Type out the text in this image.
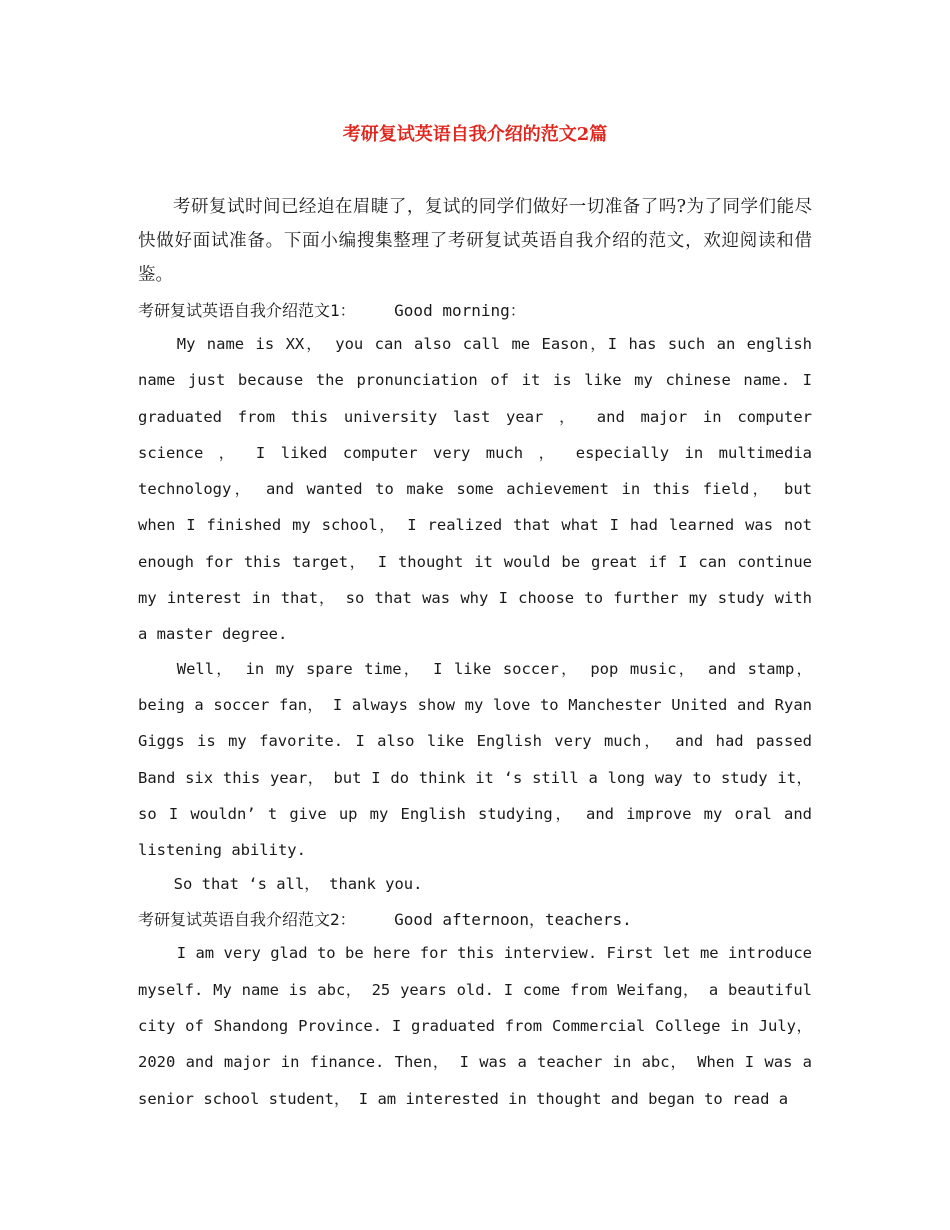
考研复试英语自我介绍的范文2篇

考研复试时间已经迫在眉睫了，复试的同学们做好一切准备了吗?为了同学们能尽快做好面试准备。下面小编搜集整理了考研复试英语自我介绍的范文，欢迎阅读和借鉴。

考研复试英语自我介绍范文1：    Good morning：

My name is XX， you can also call me Eason，I has such an english name just because the pronunciation of it is like my chinese name. I graduated from this university last year ， and major in computer science ， I liked computer very much ， especially in multimedia technology， and wanted to make some achievement in this field， but when I finished my school， I realized that what I had learned was not enough for this target， I thought it would be great if I can continue my interest in that， so that was why I choose to further my study with a master degree.

Well， in my spare time， I like soccer， pop music， and stamp， being a soccer fan， I always show my love to Manchester United and Ryan Giggs is my favorite. I also like English very much， and had passed Band six this year， but I do think it ‘s still a long way to study it， so I wouldn’ t give up my English studying， and improve my oral and listening ability.

So that ‘s all， thank you.

考研复试英语自我介绍范文2：    Good afternoon，teachers.

I am very glad to be here for this interview. First let me introduce myself. My name is abc， 25 years old. I come from Weifang， a beautiful city of Shandong Province. I graduated from Commercial College in July， 2020 and major in finance. Then， I was a teacher in abc， When I was a senior school student， I am interested in thought and began to read a
